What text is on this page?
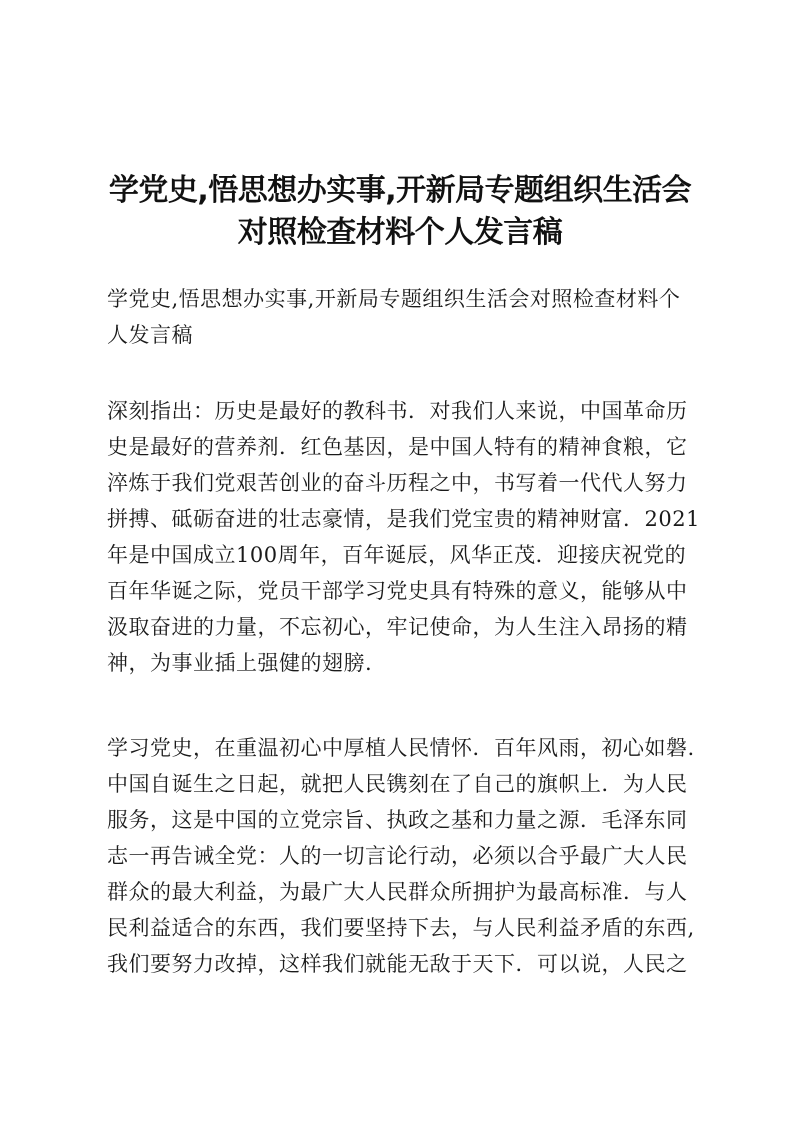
学党史,悟思想办实事,开新局专题组织生活会
对照检查材料个人发言稿

学党史,悟思想办实事,开新局专题组织生活会对照检查材料个
人发言稿

深刻指出：历史是最好的教科书．对我们人来说，中国革命历
史是最好的营养剂．红色基因，是中国人特有的精神食粮，它
淬炼于我们党艰苦创业的奋斗历程之中，书写着一代代人努力
拼搏、砥砺奋进的壮志豪情，是我们党宝贵的精神财富．2021
年是中国成立100周年，百年诞辰，风华正茂．迎接庆祝党的
百年华诞之际，党员干部学习党史具有特殊的意义，能够从中
汲取奋进的力量，不忘初心，牢记使命，为人生注入昂扬的精
神，为事业插上强健的翅膀.

学习党史，在重温初心中厚植人民情怀．百年风雨，初心如磐.
中国自诞生之日起，就把人民镌刻在了自己的旗帜上．为人民
服务，这是中国的立党宗旨、执政之基和力量之源．毛泽东同
志一再告诫全党：人的一切言论行动，必须以合乎最广大人民
群众的最大利益，为最广大人民群众所拥护为最高标准．与人
民利益适合的东西，我们要坚持下去，与人民利益矛盾的东西,
我们要努力改掉，这样我们就能无敌于天下．可以说，人民之
